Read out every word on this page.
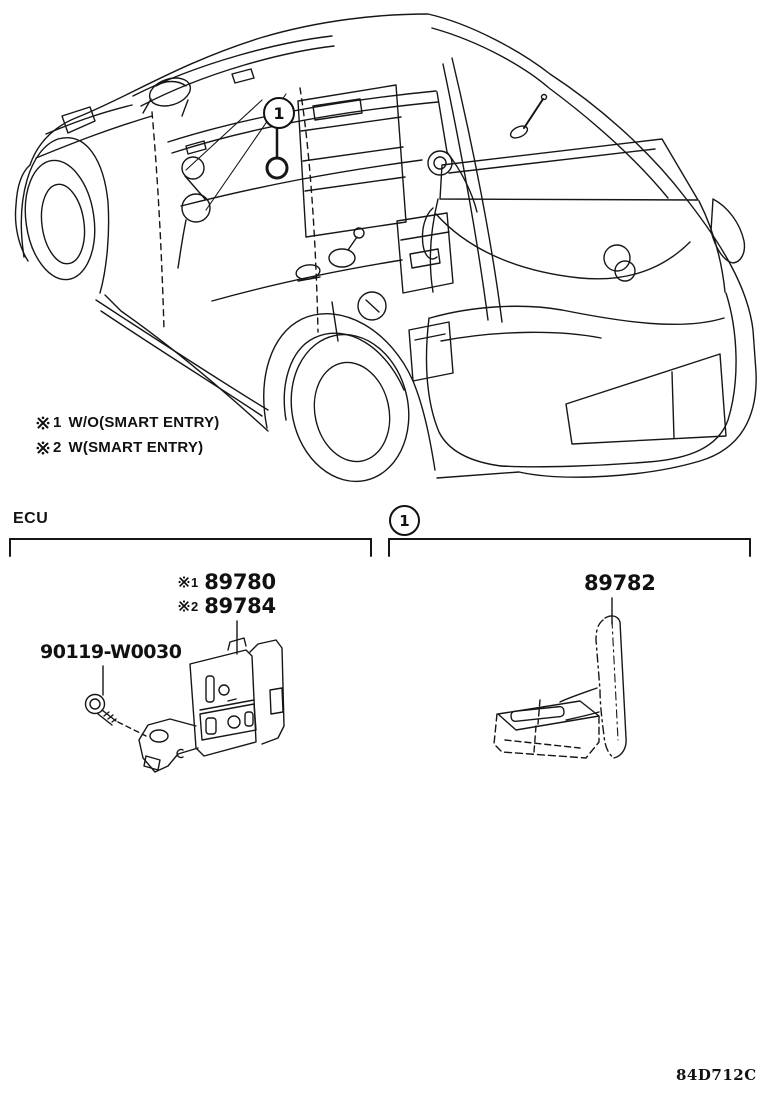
1 W/O(SMART ENTRY)
2 W(SMART ENTRY)
1
ECU	1
1 89780
2 89784
90119-W0030
89782
84D712C
